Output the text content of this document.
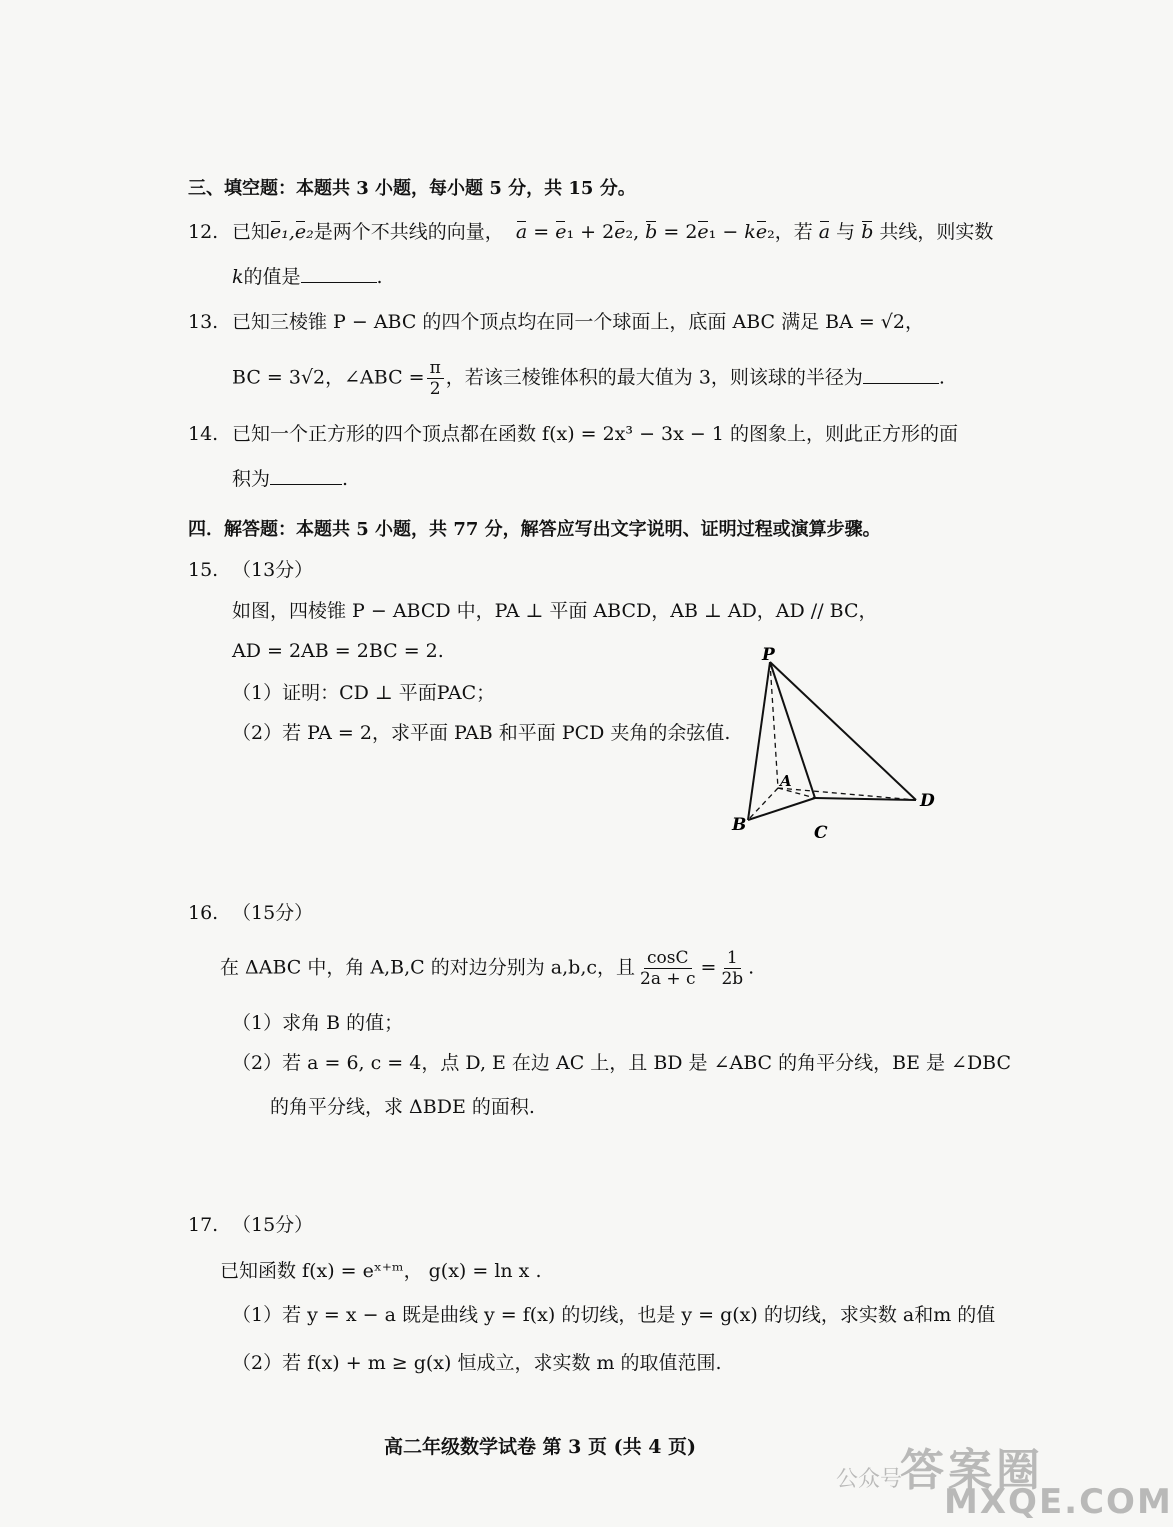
三、填空题：本题共 3 小题，每小题 5 分，共 15 分。
12. 已知e₁,e₂是两个不共线的向量， a = e₁ + 2e₂, b = 2e₁ − ke₂，若 a 与 b 共线，则实数
k的值是	.
13. 已知三棱锥 P − ABC 的四个顶点均在同一个球面上，底面 ABC 满足 BA = √2，
BC = 3√2，∠ABC = $\frac{\pi}{2}$ ，若该三棱锥体积的最大值为 3，则该球的半径为	.
14. 已知一个正方形的四个顶点都在函数 f(x) = 2x³ − 3x − 1 的图象上，则此正方形的面
积为	.
四．解答题：本题共 5 小题，共 77 分，解答应写出文字说明、证明过程或演算步骤。
15. （13分）
如图，四棱锥 P − ABCD 中，PA ⊥ 平面 ABCD，AB ⊥ AD，AD // BC，
AD = 2AB = 2BC = 2.
（1）证明：CD ⊥ 平面PAC；
（2）若 PA = 2，求平面 PAB 和平面 PCD 夹角的余弦值.
P
A
B	C
D
16. （15分）
在 ΔABC 中，角 A,B,C 的对边分别为 a,b,c，且 $\frac{\cos C}{2a + c} = \frac{1}{2b}$ .
（1）求角 B 的值；
（2）若 a = 6, c = 4，点 D, E 在边 AC 上，且 BD 是 ∠ABC 的角平分线，BE 是 ∠DBC
的角平分线，求 ΔBDE 的面积.
17. （15分）
已知函数 f(x) = eˣ⁺ᵐ， g(x) = ln x .
（1）若 y = x − a 既是曲线 y = f(x) 的切线，也是 y = g(x) 的切线，求实数 a和m 的值
（2）若 f(x) + m ≥ g(x) 恒成立，求实数 m 的取值范围.
高二年级数学试卷 第 3 页 (共 4 页)
公众号
答案圈
MXQE.COM
